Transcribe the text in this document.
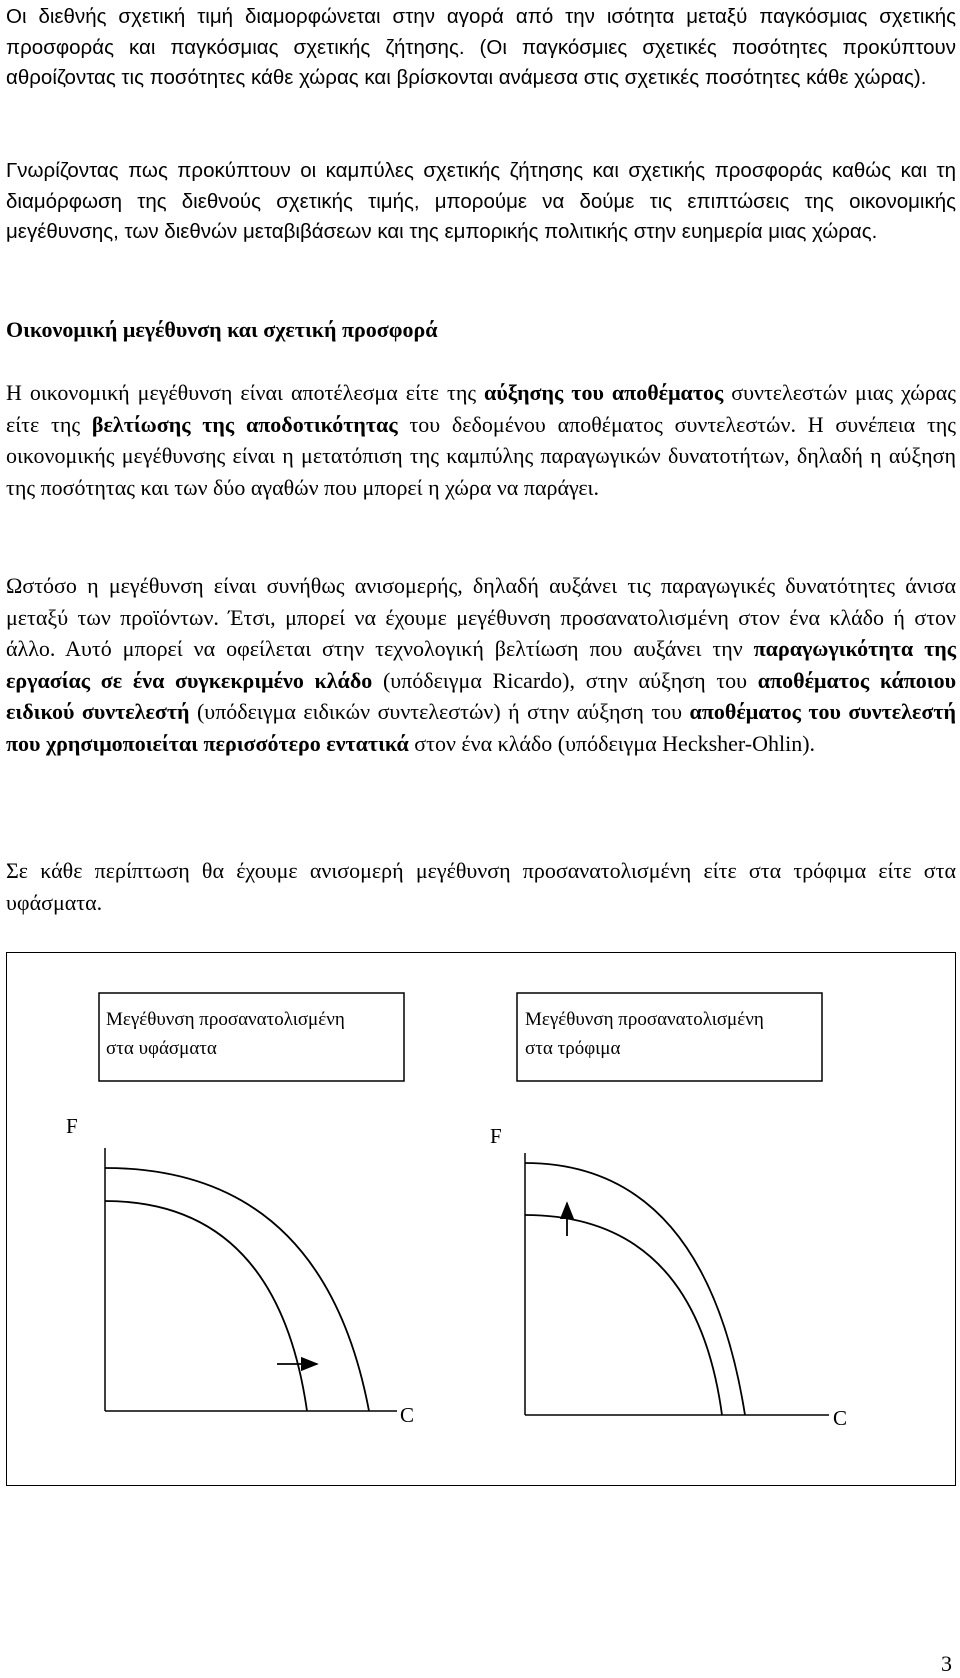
Οι διεθνής σχετική τιμή διαμορφώνεται στην αγορά από την ισότητα μεταξύ παγκόσμιας σχετικής προσφοράς και παγκόσμιας σχετικής ζήτησης. (Οι παγκόσμιες σχετικές ποσότητες προκύπτουν αθροίζοντας τις ποσότητες κάθε χώρας και βρίσκονται ανάμεσα στις σχετικές ποσότητες κάθε χώρας).

Γνωρίζοντας πως προκύπτουν οι καμπύλες σχετικής ζήτησης και σχετικής προσφοράς καθώς και τη διαμόρφωση της διεθνούς σχετικής τιμής, μπορούμε να δούμε τις επιπτώσεις της οικονομικής μεγέθυνσης, των διεθνών μεταβιβάσεων και της εμπορικής πολιτικής στην ευημερία μιας χώρας.

Οικονομική μεγέθυνση και σχετική προσφορά

Η οικονομική μεγέθυνση είναι αποτέλεσμα είτε της αύξησης του αποθέματος συντελεστών μιας χώρας είτε της βελτίωσης της αποδοτικότητας του δεδομένου αποθέματος συντελεστών. Η συνέπεια της οικονομικής μεγέθυνσης είναι η μετατόπιση της καμπύλης παραγωγικών δυνατοτήτων, δηλαδή η αύξηση της ποσότητας και των δύο αγαθών που μπορεί η χώρα να παράγει.

Ωστόσο η μεγέθυνση είναι συνήθως ανισομερής, δηλαδή αυξάνει τις παραγωγικές δυνατότητες άνισα μεταξύ των προϊόντων. Έτσι, μπορεί να έχουμε μεγέθυνση προσανατολισμένη στον ένα κλάδο ή στον άλλο. Αυτό μπορεί να οφείλεται στην τεχνολογική βελτίωση που αυξάνει την παραγωγικότητα της εργασίας σε ένα συγκεκριμένο κλάδο (υπόδειγμα Ricardo), στην αύξηση του αποθέματος κάποιου ειδικού συντελεστή (υπόδειγμα ειδικών συντελεστών) ή στην αύξηση του αποθέματος του συντελεστή που χρησιμοποιείται περισσότερο εντατικά στον ένα κλάδο (υπόδειγμα Hecksher-Ohlin).

Σε κάθε περίπτωση θα έχουμε ανισομερή μεγέθυνση προσανατολισμένη είτε στα τρόφιμα είτε στα υφάσματα.

Μεγέθυνση προσανατολισμένη
στα υφάσματα
F
C
Μεγέθυνση προσανατολισμένη
στα τρόφιμα
F
C
3
